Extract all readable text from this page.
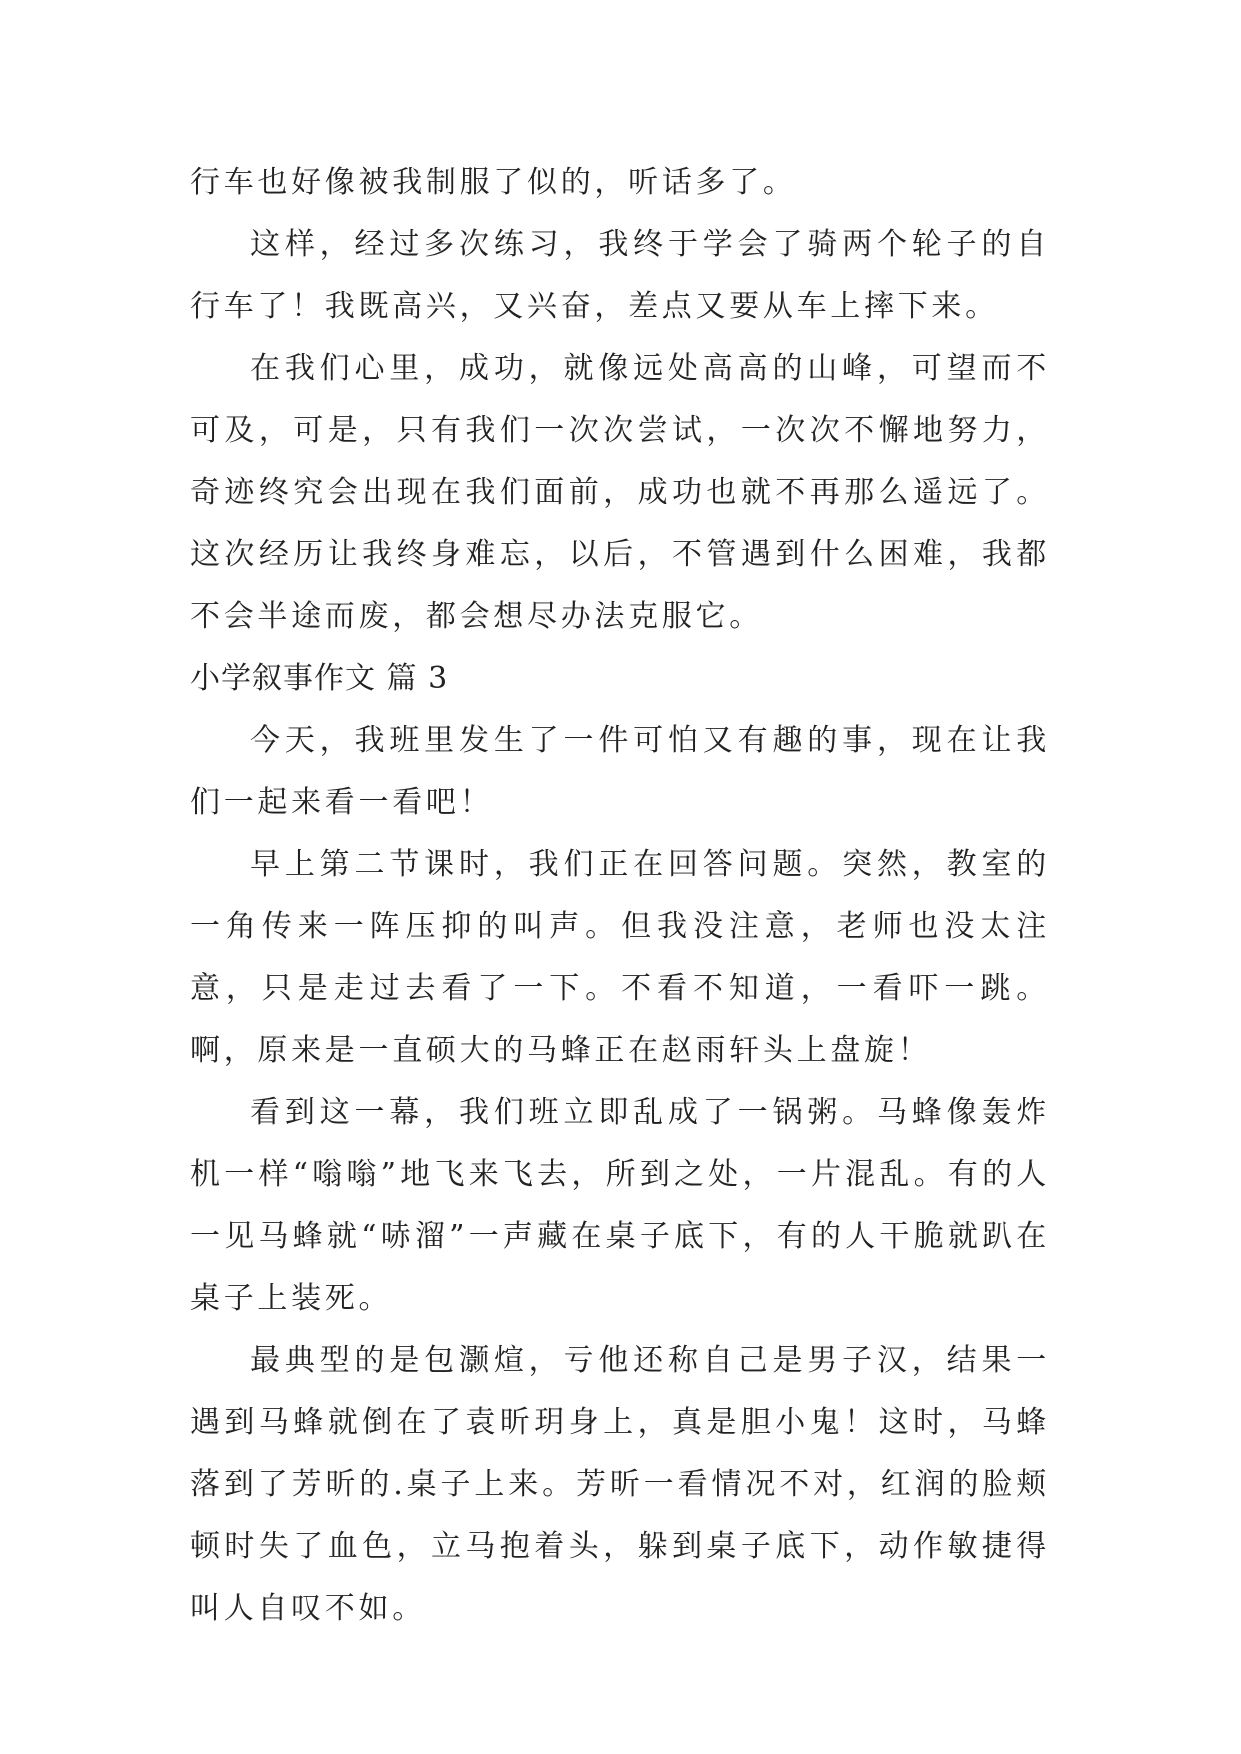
行车也好像被我制服了似的，听话多了。

这样，经过多次练习，我终于学会了骑两个轮子的自行车了！我既高兴，又兴奋，差点又要从车上摔下来。

在我们心里，成功，就像远处高高的山峰，可望而不可及，可是，只有我们一次次尝试，一次次不懈地努力，奇迹终究会出现在我们面前，成功也就不再那么遥远了。这次经历让我终身难忘，以后，不管遇到什么困难，我都不会半途而废，都会想尽办法克服它。

小学叙事作文 篇 3

今天，我班里发生了一件可怕又有趣的事，现在让我们一起来看一看吧！

早上第二节课时，我们正在回答问题。突然，教室的一角传来一阵压抑的叫声。但我没注意，老师也没太注意，只是走过去看了一下。不看不知道，一看吓一跳。啊，原来是一直硕大的马蜂正在赵雨轩头上盘旋！

看到这一幕，我们班立即乱成了一锅粥。马蜂像轰炸机一样“嗡嗡”地飞来飞去，所到之处，一片混乱。有的人一见马蜂就“哧溜”一声藏在桌子底下，有的人干脆就趴在桌子上装死。

最典型的是包灏煊，亏他还称自己是男子汉，结果一遇到马蜂就倒在了袁昕玥身上，真是胆小鬼！这时，马蜂落到了芳昕的.桌子上来。芳昕一看情况不对，红润的脸颊顿时失了血色，立马抱着头，躲到桌子底下，动作敏捷得叫人自叹不如。
